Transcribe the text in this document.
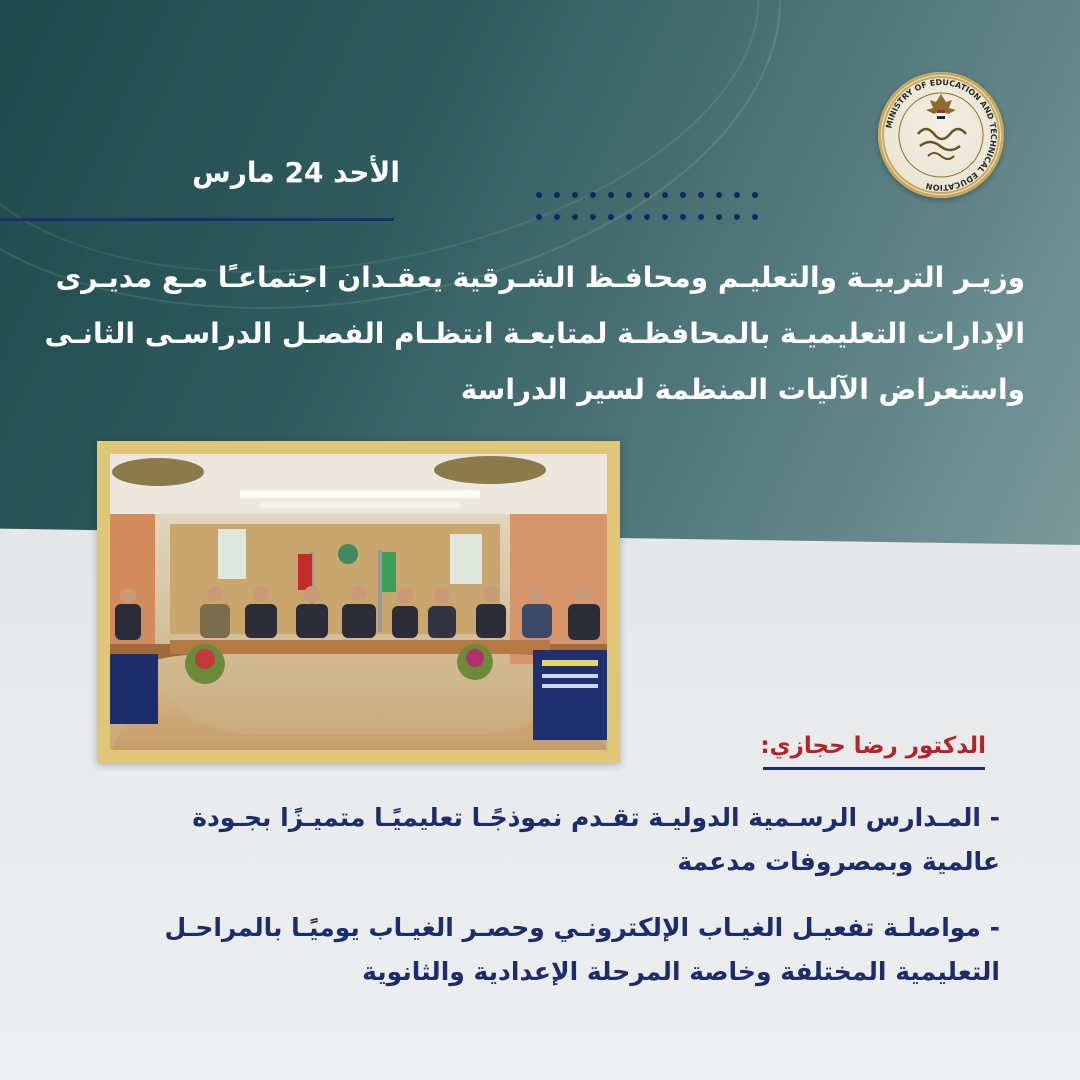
MINISTRY OF EDUCATION AND TECHNICAL EDUCATION
الأحد 24 مارس
وزيـر التربيـة والتعليـم ومحافـظ الشـرقية يعقـدان اجتماعـًا مـع مديـرى
الإدارات التعليميـة بالمحافظـة لمتابعـة انتظـام الفصـل الدراسـى الثانـى
واستعراض الآليات المنظمة لسير الدراسة
الدكتور رضا حجازي:
- المـدارس الرسـمية الدوليـة تقـدم نموذجًـا تعليميًـا متميـزًا بجـودة
عالمية وبمصروفات مدعمة
- مواصلـة تفعيـل الغيـاب الإلكترونـي وحصـر الغيـاب يوميًـا بالمراحـل
التعليمية المختلفة وخاصة المرحلة الإعدادية والثانوية
